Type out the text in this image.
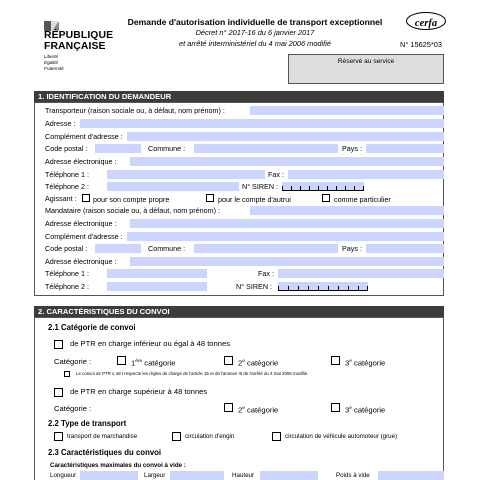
RÉPUBLIQUE
FRANÇAISE
Liberté
Égalité
Fraternité
Demande d'autorisation individuelle de transport exceptionnel
Décret n° 2017-16 du 6 janvier 2017
et arrêté interministériel du 4 mai 2006 modifié
cerfa
N° 15625*03
Réservé au service
1. IDENTIFICATION DU DEMANDEUR
Transporteur (raison sociale ou, à défaut, nom prénom) :
Adresse :
Complément d'adresse :
Code postal :	Commune :	Pays :
Adresse électronique :
Téléphone 1 :	Fax :
Téléphone 2 :	N° SIREN :
Agissant : pour son compte propre	pour le compte d'autrui	comme particulier
Mandataire (raison sociale ou, à défaut, nom prénom) :
Adresse électronique :
Complément d'adresse :
Code postal :	Commune :	Pays :
Adresse électronique :
Téléphone 1 :	Fax :
Téléphone 2 :	N° SIREN :
2. CARACTÉRISTIQUES DU CONVOI
2.1 Catégorie de convoi
de PTR en charge inférieur ou égal à 48 tonnes
Catégorie :	1ère catégorie	2e catégorie	3e catégorie
Le convoi de PTR ≤ 48 t respecte les règles de charge de l'article 15 et de l'annexe III de l'arrêté du 4 mai 2006 modifié.
de PTR en charge supérieur à 48 tonnes
Catégorie :	2e catégorie	3e catégorie
2.2 Type de transport
transport de marchandise	circulation d'engin	circulation de véhicule automoteur (grue)
2.3 Caractéristiques du convoi
Caractéristiques maximales du convoi à vide :
Longueur	Largeur	Hauteur	Poids à vide
